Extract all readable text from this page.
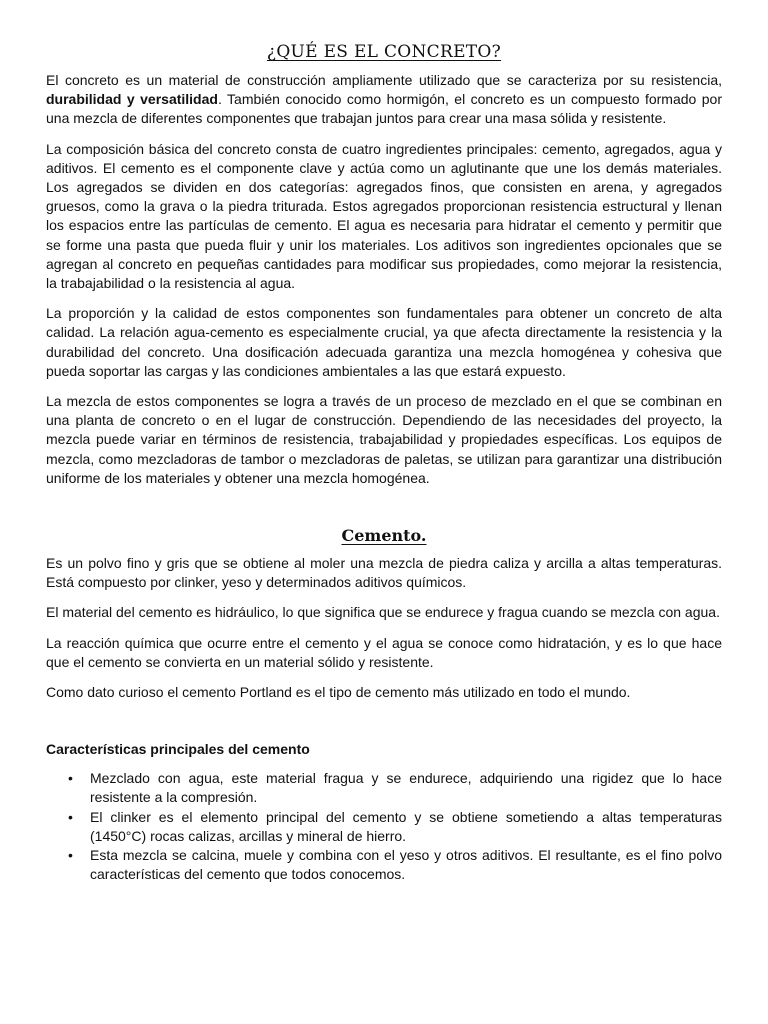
¿QUÉ ES EL CONCRETO?

El concreto es un material de construcción ampliamente utilizado que se caracteriza por su resistencia, durabilidad y versatilidad. También conocido como hormigón, el concreto es un compuesto formado por una mezcla de diferentes componentes que trabajan juntos para crear una masa sólida y resistente.

La composición básica del concreto consta de cuatro ingredientes principales: cemento, agregados, agua y aditivos. El cemento es el componente clave y actúa como un aglutinante que une los demás materiales. Los agregados se dividen en dos categorías: agregados finos, que consisten en arena, y agregados gruesos, como la grava o la piedra triturada. Estos agregados proporcionan resistencia estructural y llenan los espacios entre las partículas de cemento. El agua es necesaria para hidratar el cemento y permitir que se forme una pasta que pueda fluir y unir los materiales. Los aditivos son ingredientes opcionales que se agregan al concreto en pequeñas cantidades para modificar sus propiedades, como mejorar la resistencia, la trabajabilidad o la resistencia al agua.

La proporción y la calidad de estos componentes son fundamentales para obtener un concreto de alta calidad. La relación agua-cemento es especialmente crucial, ya que afecta directamente la resistencia y la durabilidad del concreto. Una dosificación adecuada garantiza una mezcla homogénea y cohesiva que pueda soportar las cargas y las condiciones ambientales a las que estará expuesto.

La mezcla de estos componentes se logra a través de un proceso de mezclado en el que se combinan en una planta de concreto o en el lugar de construcción. Dependiendo de las necesidades del proyecto, la mezcla puede variar en términos de resistencia, trabajabilidad y propiedades específicas. Los equipos de mezcla, como mezcladoras de tambor o mezcladoras de paletas, se utilizan para garantizar una distribución uniforme de los materiales y obtener una mezcla homogénea.

Cemento.

Es un polvo fino y gris que se obtiene al moler una mezcla de piedra caliza y arcilla a altas temperaturas. Está compuesto por clinker, yeso y determinados aditivos químicos.

El material del cemento es hidráulico, lo que significa que se endurece y fragua cuando se mezcla con agua.

La reacción química que ocurre entre el cemento y el agua se conoce como hidratación, y es lo que hace que el cemento se convierta en un material sólido y resistente.

Como dato curioso el cemento Portland es el tipo de cemento más utilizado en todo el mundo.

Características principales del cemento
• Mezclado con agua, este material fragua y se endurece, adquiriendo una rigidez que lo hace resistente a la compresión.
• El clinker es el elemento principal del cemento y se obtiene sometiendo a altas temperaturas (1450°C) rocas calizas, arcillas y mineral de hierro.
• Esta mezcla se calcina, muele y combina con el yeso y otros aditivos. El resultante, es el fino polvo características del cemento que todos conocemos.
